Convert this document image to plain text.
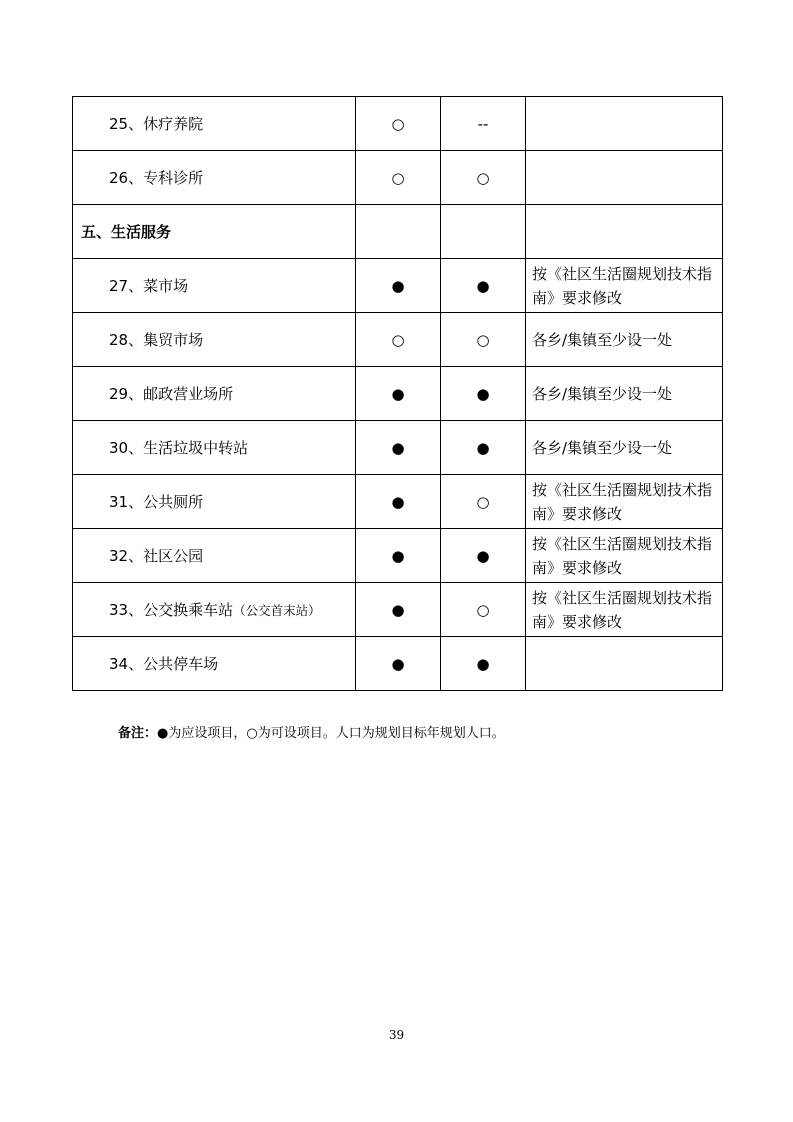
25、休疗养院	○	--	
26、专科诊所	○	○	
五、生活服务			
27、菜市场	●	●	按《社区生活圈规划技术指南》要求修改
28、集贸市场	○	○	各乡/集镇至少设一处
29、邮政营业场所	●	●	各乡/集镇至少设一处
30、生活垃圾中转站	●	●	各乡/集镇至少设一处
31、公共厕所	●	○	按《社区生活圈规划技术指南》要求修改
32、社区公园	●	●	按《社区生活圈规划技术指南》要求修改
33、公交换乘车站（公交首末站）	●	○	按《社区生活圈规划技术指南》要求修改
34、公共停车场	●	●	
备注：●为应设项目，○为可设项目。人口为规划目标年规划人口。
39
